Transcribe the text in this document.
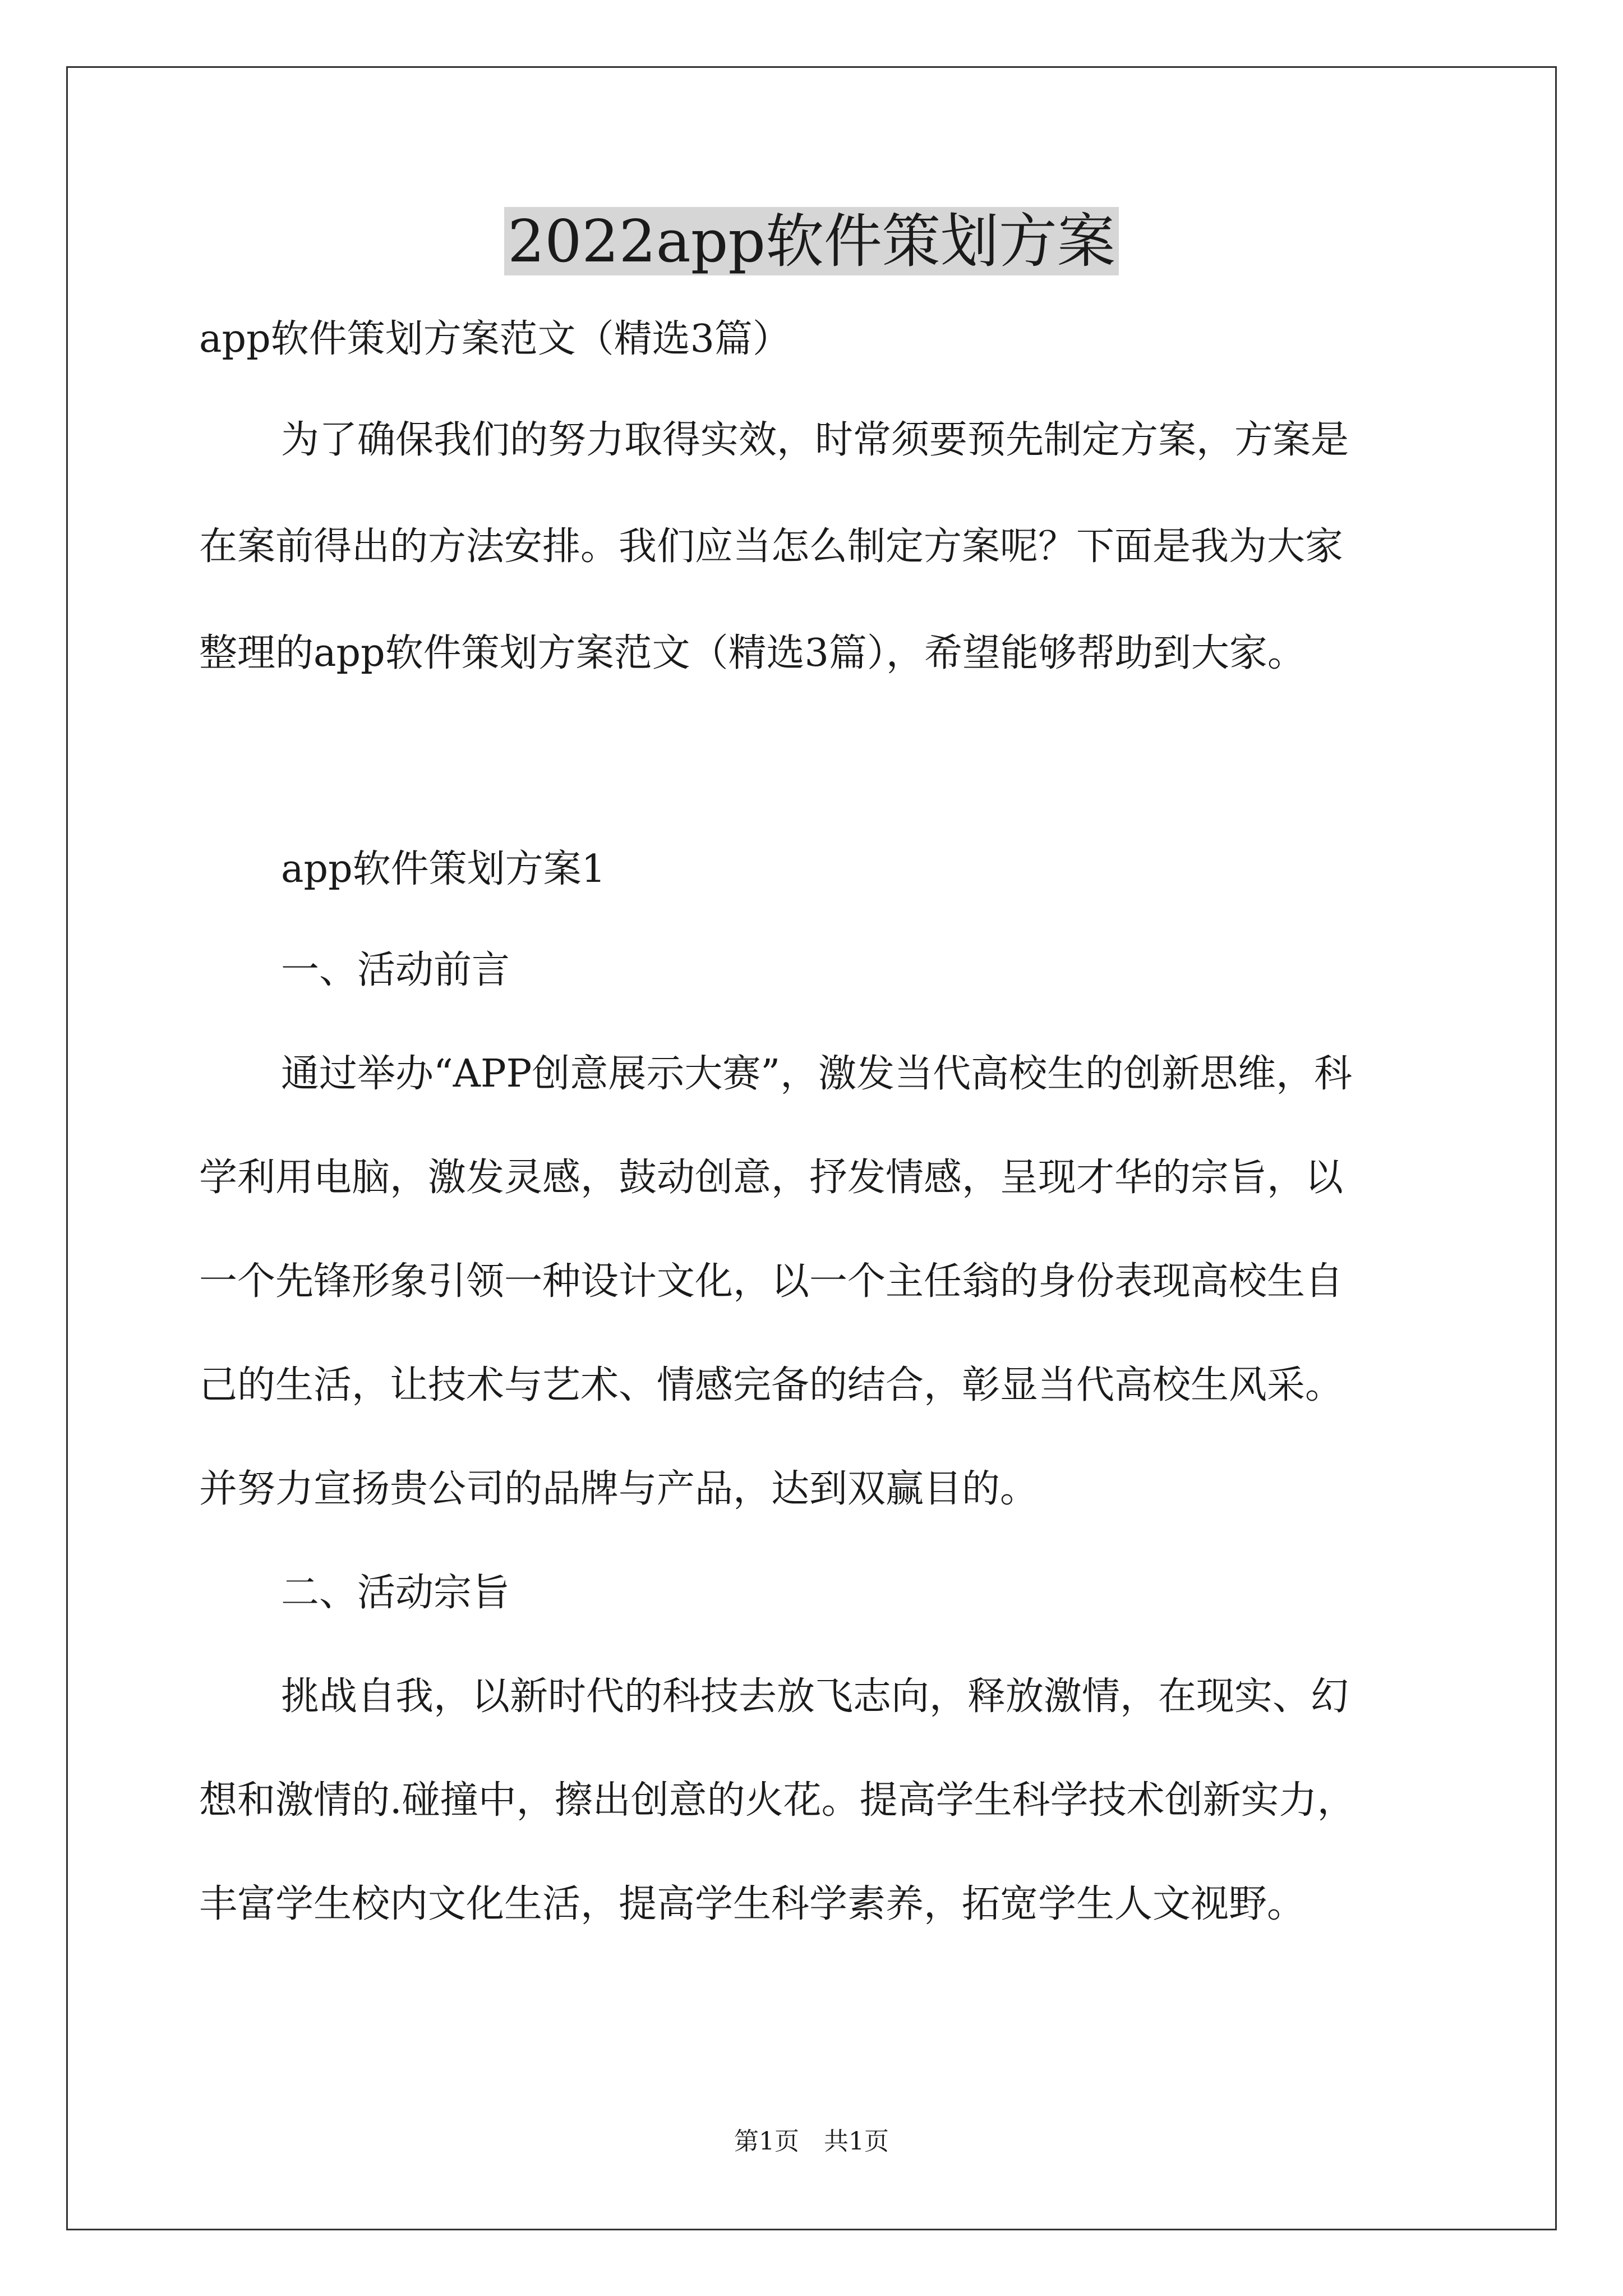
2022app软件策划方案
app软件策划方案范文（精选3篇）
为了确保我们的努力取得实效，时常须要预先制定方案，方案是
在案前得出的方法安排。我们应当怎么制定方案呢？下面是我为大家
整理的app软件策划方案范文（精选3篇），希望能够帮助到大家。
app软件策划方案1
一、活动前言
通过举办“APP创意展示大赛”，激发当代高校生的创新思维，科
学利用电脑，激发灵感，鼓动创意，抒发情感，呈现才华的宗旨，以
一个先锋形象引领一种设计文化，以一个主任翁的身份表现高校生自
己的生活，让技术与艺术、情感完备的结合，彰显当代高校生风采。
并努力宣扬贵公司的品牌与产品，达到双赢目的。
二、活动宗旨
挑战自我，以新时代的科技去放飞志向，释放激情，在现实、幻
想和激情的.碰撞中，擦出创意的火花。提高学生科学技术创新实力，
丰富学生校内文化生活，提高学生科学素养，拓宽学生人文视野。
第1页　共1页
